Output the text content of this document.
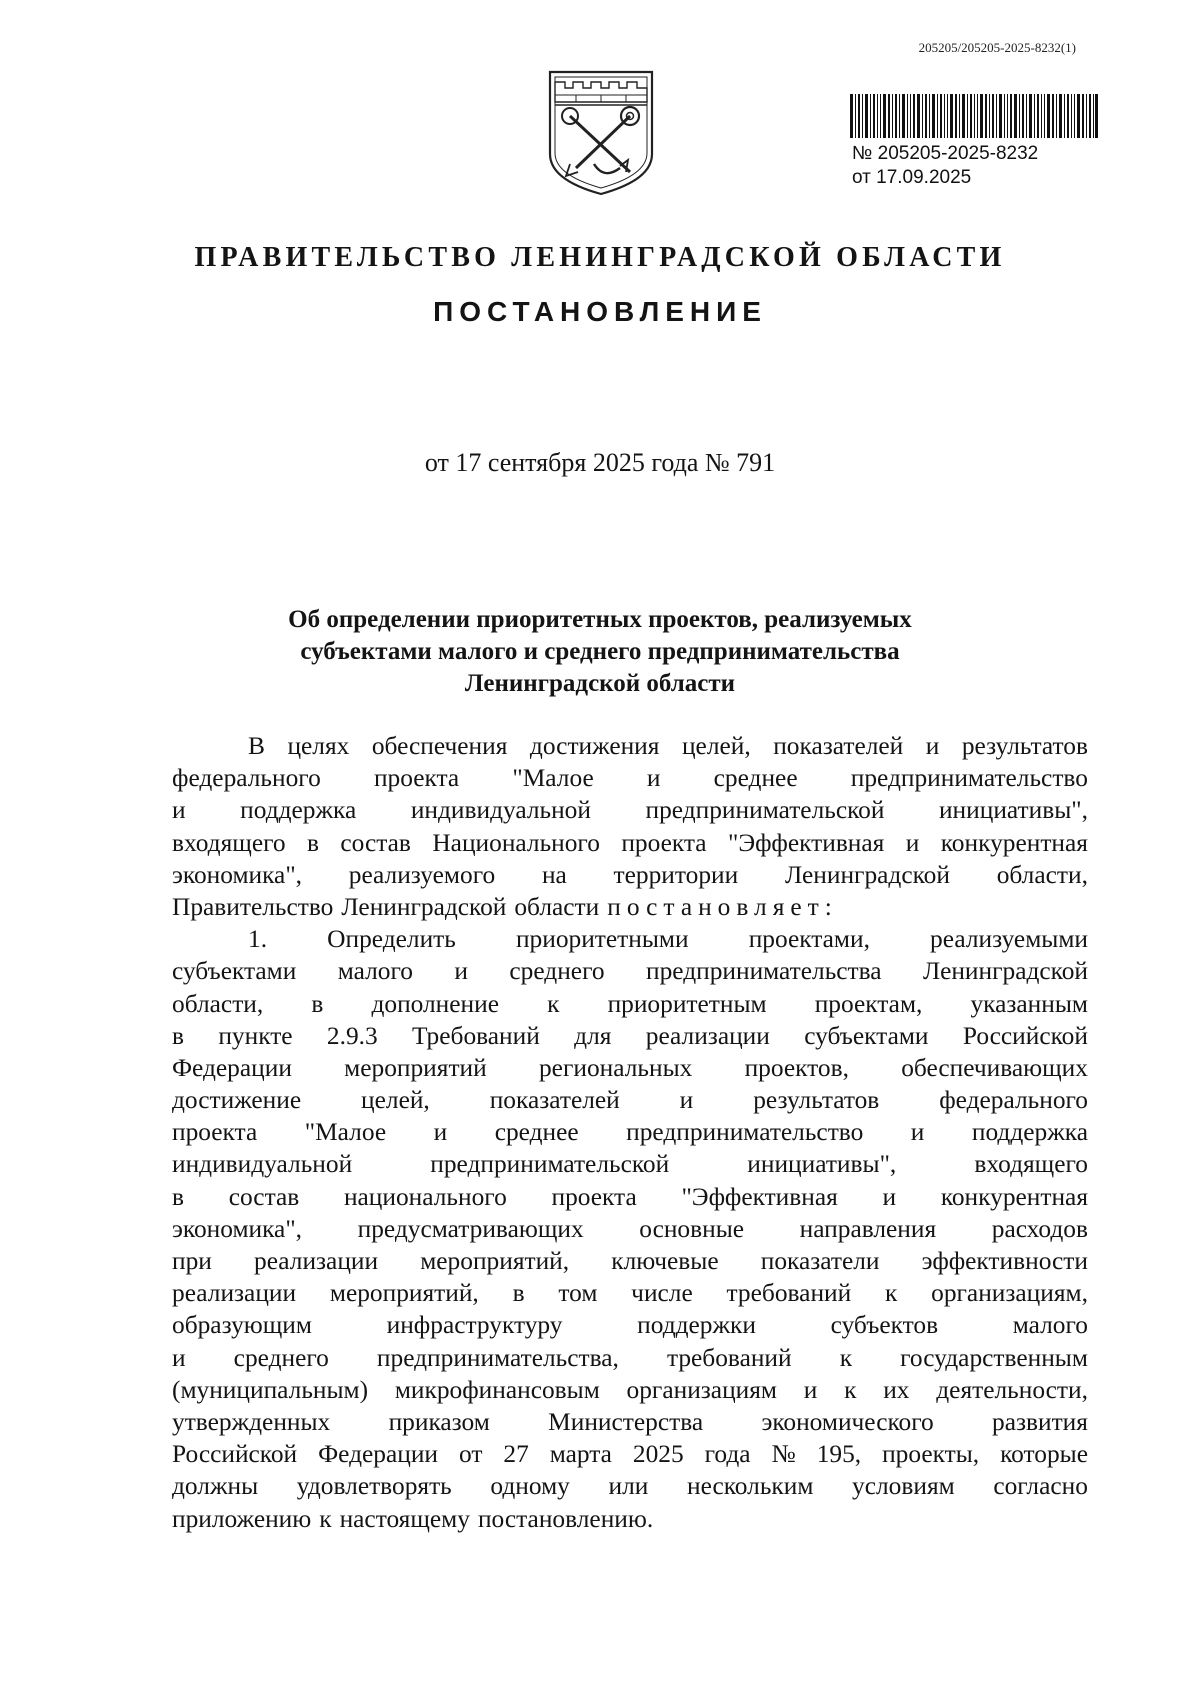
205205/205205-2025-8232(1)
№ 205205-2025-8232
от 17.09.2025
ПРАВИТЕЛЬСТВО ЛЕНИНГРАДСКОЙ ОБЛАСТИ
ПОСТАНОВЛЕНИЕ
от 17 сентября 2025 года № 791
Об определении приоритетных проектов, реализуемых
субъектами малого и среднего предпринимательства
Ленинградской области
В целях обеспечения достижения целей, показателей и результатов
федерального проекта "Малое и среднее предпринимательство
и поддержка индивидуальной предпринимательской инициативы",
входящего в состав Национального проекта "Эффективная и конкурентная
экономика", реализуемого на территории Ленинградской области,
Правительство Ленинградской области постановляет:
1. Определить приоритетными проектами, реализуемыми
субъектами малого и среднего предпринимательства Ленинградской
области, в дополнение к приоритетным проектам, указанным
в пункте 2.9.3 Требований для реализации субъектами Российской
Федерации мероприятий региональных проектов, обеспечивающих
достижение целей, показателей и результатов федерального
проекта "Малое и среднее предпринимательство и поддержка
индивидуальной	предпринимательской	инициативы",	входящего
в состав национального проекта "Эффективная и конкурентная
экономика", предусматривающих основные направления расходов
при реализации мероприятий, ключевые показатели эффективности
реализации мероприятий, в том числе требований к организациям,
образующим	инфраструктуру	поддержки	субъектов	малого
и среднего предпринимательства, требований к государственным
(муниципальным) микрофинансовым организациям и к их деятельности,
утвержденных приказом Министерства экономического развития
Российской Федерации от 27 марта 2025 года № 195, проекты, которые
должны удовлетворять одному или нескольким условиям согласно
приложению к настоящему постановлению.
